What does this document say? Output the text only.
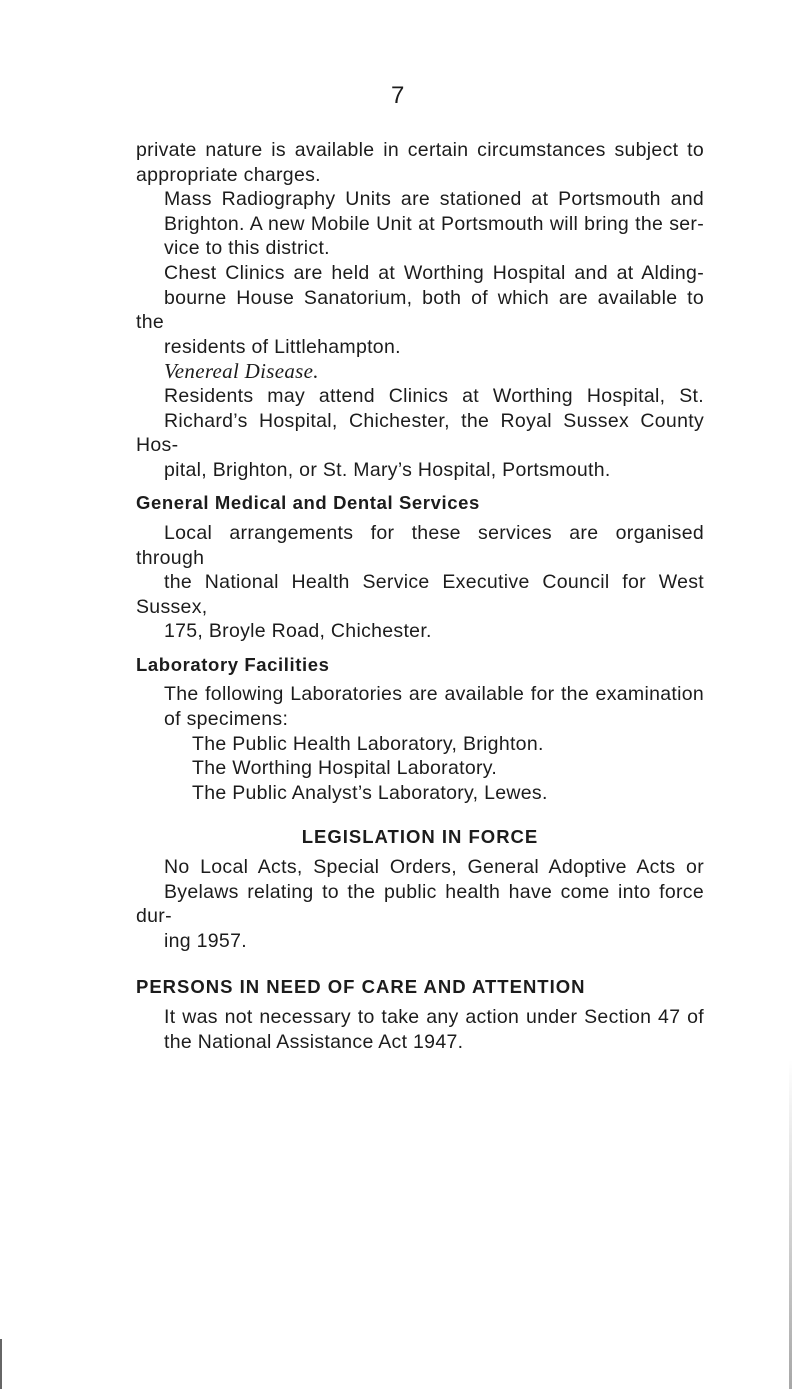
7

private nature is available in certain circumstances subject to
appropriate charges.

Mass Radiography Units are stationed at Portsmouth and
Brighton. A new Mobile Unit at Portsmouth will bring the ser-
vice to this district.

Chest Clinics are held at Worthing Hospital and at Alding-
bourne House Sanatorium, both of which are available to the
residents of Littlehampton.

Venereal Disease.

Residents may attend Clinics at Worthing Hospital, St.
Richard’s Hospital, Chichester, the Royal Sussex County Hos-
pital, Brighton, or St. Mary’s Hospital, Portsmouth.

General Medical and Dental Services

Local arrangements for these services are organised through
the National Health Service Executive Council for West Sussex,
175, Broyle Road, Chichester.

Laboratory Facilities

The following Laboratories are available for the examination
of specimens:

The Public Health Laboratory, Brighton.

The Worthing Hospital Laboratory.

The Public Analyst’s Laboratory, Lewes.

LEGISLATION IN FORCE

No Local Acts, Special Orders, General Adoptive Acts or
Byelaws relating to the public health have come into force dur-
ing 1957.

PERSONS IN NEED OF CARE AND ATTENTION

It was not necessary to take any action under Section 47 of
the National Assistance Act 1947.
